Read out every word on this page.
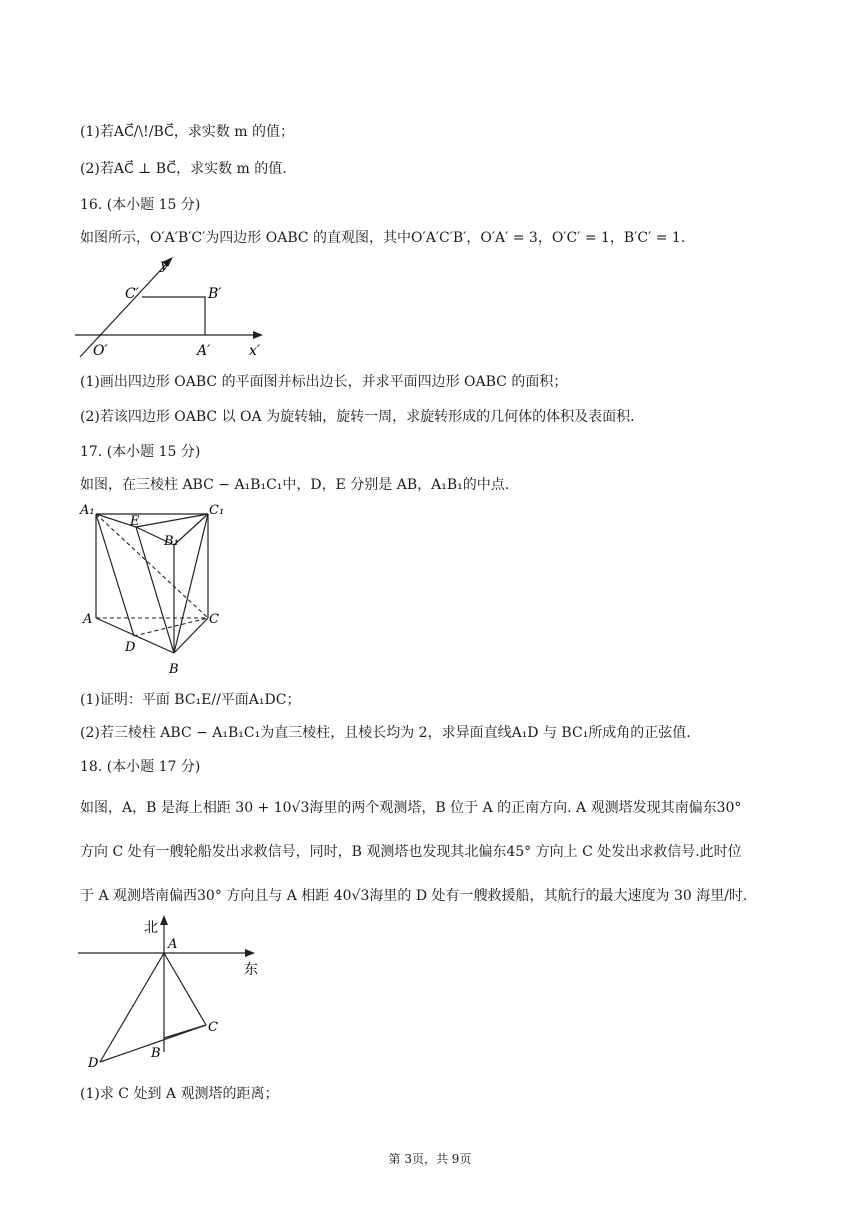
(1)若AC⃗/\!/BC⃗，求实数 m 的值；
(2)若AC⃗ ⊥ BC⃗，求实数 m 的值.
16. (本小题 15 分)
如图所示，O′A′B′C′为四边形 OABC 的直观图，其中O′A′C′B′，O′A′ = 3，O′C′ = 1，B′C′ = 1.
y′
x′
O′	A′
B′
C′
(1)画出四边形 OABC 的平面图并标出边长，并求平面四边形 OABC 的面积；
(2)若该四边形 OABC 以 OA 为旋转轴，旋转一周，求旋转形成的几何体的体积及表面积.
17. (本小题 15 分)
如图，在三棱柱 ABC − A₁B₁C₁中，D，E 分别是 AB，A₁B₁的中点.
A₁	C₁
E
B₁
A	C
D
B
(1)证明：平面 BC₁E//平面A₁DC；
(2)若三棱柱 ABC − A₁B₁C₁为直三棱柱，且棱长均为 2，求异面直线A₁D 与 BC₁所成角的正弦值.
18. (本小题 17 分)
如图，A，B 是海上相距 30 + 10√3海里的两个观测塔，B 位于 A 的正南方向. A 观测塔发现其南偏东30°
方向 C 处有一艘轮船发出求救信号，同时，B 观测塔也发现其北偏东45° 方向上 C 处发出求救信号.此时位
于 A 观测塔南偏西30° 方向且与 A 相距 40√3海里的 D 处有一艘救援船，其航行的最大速度为 30 海里/时.
北
东
A
B
C
D
(1)求 C 处到 A 观测塔的距离；
第 3页，共 9页
